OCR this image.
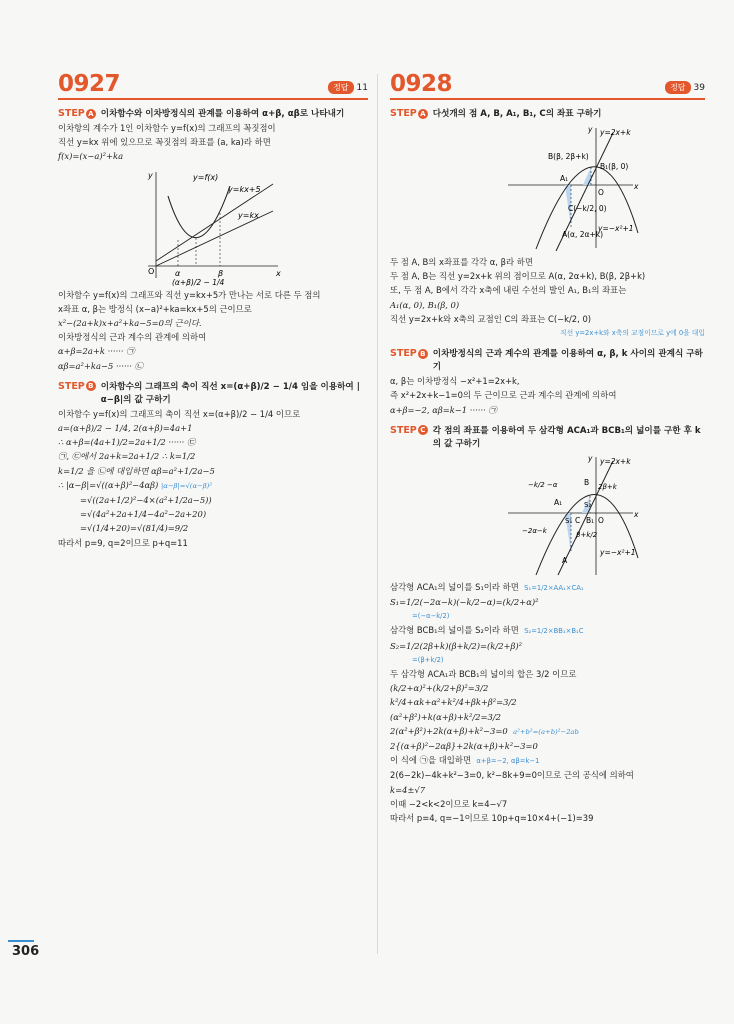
0927	정답 11
STEP A 이차함수와 이차방정식의 관계를 이용하여 α+β, αβ로 나타내기
이차항의 계수가 1인 이차함수 y=f(x)의 그래프의 꼭짓점이
직선 y=kx 위에 있으므로 꼭짓점의 좌표를 (a, ka)라 하면
f(x)=(x−a)²+ka
y
x
O
y=f(x)
y=kx+5
y=kx
α	β
(α+β)/2 − 1/4
이차함수 y=f(x)의 그래프와 직선 y=kx+5가 만나는 서로 다른 두 점의
x좌표 α, β는 방정식 (x−a)²+ka=kx+5의 근이므로
x²−(2a+k)x+a²+ka−5=0의 근이다.
이차방정식의 근과 계수의 관계에 의하여
α+β=2a+k ······ ㉠
αβ=a²+ka−5 ······ ㉡
STEP B 이차함수의 그래프의 축이 직선 x=(α+β)/2 − 1/4 임을 이용하여 |α−β|의 값 구하기
이차함수 y=f(x)의 그래프의 축이 직선 x=(α+β)/2 − 1/4 이므로
a=(α+β)/2 − 1/4, 2(α+β)=4a+1
∴ α+β=(4a+1)/2=2a+1/2 ······ ㉢
㉠, ㉢에서 2a+k=2a+1/2 ∴ k=1/2
k=1/2 을 ㉡에 대입하면 αβ=a²+1/2a−5
∴ |α−β|=√((α+β)²−4αβ) |α−β|=√(α−β)²
=√((2a+1/2)²−4×(a²+1/2a−5))
=√(4a²+2a+1/4−4a²−2a+20)
=√(1/4+20)=√(81/4)=9/2
따라서 p=9, q=2이므로 p+q=11
0928	정답 39
STEP A 다섯개의 점 A, B, A₁, B₁, C의 좌표 구하기
y
x
y=2x+k
B(β, 2β+k)
B₁(β, 0)
A₁
O
C(−k/2, 0)
A(α, 2α+k)
y=−x²+1
두 점 A, B의 x좌표를 각각 α, β라 하면
두 점 A, B는 직선 y=2x+k 위의 점이므로 A(α, 2α+k), B(β, 2β+k)
또, 두 점 A, B에서 각각 x축에 내린 수선의 발인 A₁, B₁의 좌표는
A₁(α, 0), B₁(β, 0)
직선 y=2x+k와 x축의 교점인 C의 좌표는 C(−k/2, 0)
직선 y=2x+k와 x축의 교점이므로 y에 0을 대입
STEP B 이차방정식의 근과 계수의 관계를 이용하여 α, β, k 사이의 관계식 구하기
α, β는 이차방정식 −x²+1=2x+k,
즉 x²+2x+k−1=0의 두 근이므로 근과 계수의 관계에 의하여
α+β=−2, αβ=k−1 ······ ㉠
STEP C 각 점의 좌표를 이용하여 두 삼각형 ACA₁과 BCB₁의 넓이를 구한 후 k의 값 구하기
y
x
y=2x+k
−k/2 −α	B 2β+k
A₁
S₁
S₂
C B₁ O
−2α−k	β+k/2
A
y=−x²+1
삼각형 ACA₁의 넓이를 S₁이라 하면 S₁=1/2×AA₁×CA₁
S₁=1/2(−2α−k)(−k/2−α)=(k/2+α)²
=(−α−k/2)
삼각형 BCB₁의 넓이를 S₂이라 하면 S₂=1/2×BB₁×B₁C
S₂=1/2(2β+k)(β+k/2)=(k/2+β)²
=(β+k/2)
두 삼각형 ACA₁과 BCB₁의 넓이의 합은 3/2 이므로
(k/2+α)²+(k/2+β)²=3/2
k²/4+αk+α²+k²/4+βk+β²=3/2
(α²+β²)+k(α+β)+k²/2=3/2
2(α²+β²)+2k(α+β)+k²−3=0 a²+b²=(a+b)²−2ab
2{(α+β)²−2αβ}+2k(α+β)+k²−3=0
이 식에 ㉠을 대입하면 α+β=−2, αβ=k−1
2(6−2k)−4k+k²−3=0, k²−8k+9=0이므로 근의 공식에 의하여
k=4±√7
이때 −2<k<2이므로 k=4−√7
따라서 p=4, q=−1이므로 10p+q=10×4+(−1)=39
306
